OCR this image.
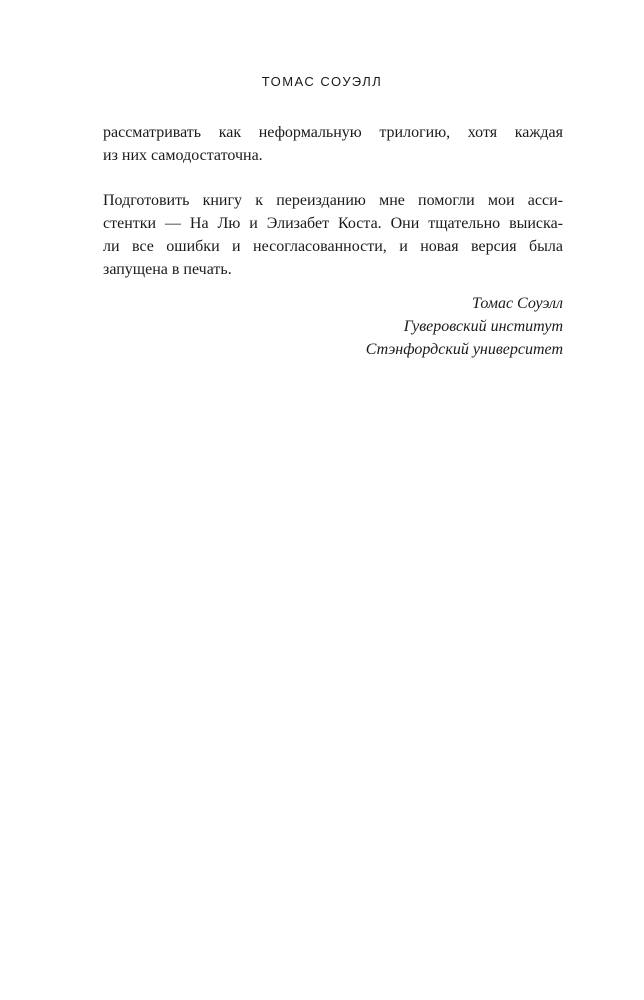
ТОМАС СОУЭЛЛ
рассматривать как неформальную трилогию, хотя каждая
из них самодостаточна.
Подготовить книгу к переизданию мне помогли мои асси-
стентки — На Лю и Элизабет Коста. Они тщательно выиска-
ли все ошибки и несогласованности, и новая версия была
запущена в печать.
Томас Соуэлл
Гуверовский институт
Стэнфордский университет
